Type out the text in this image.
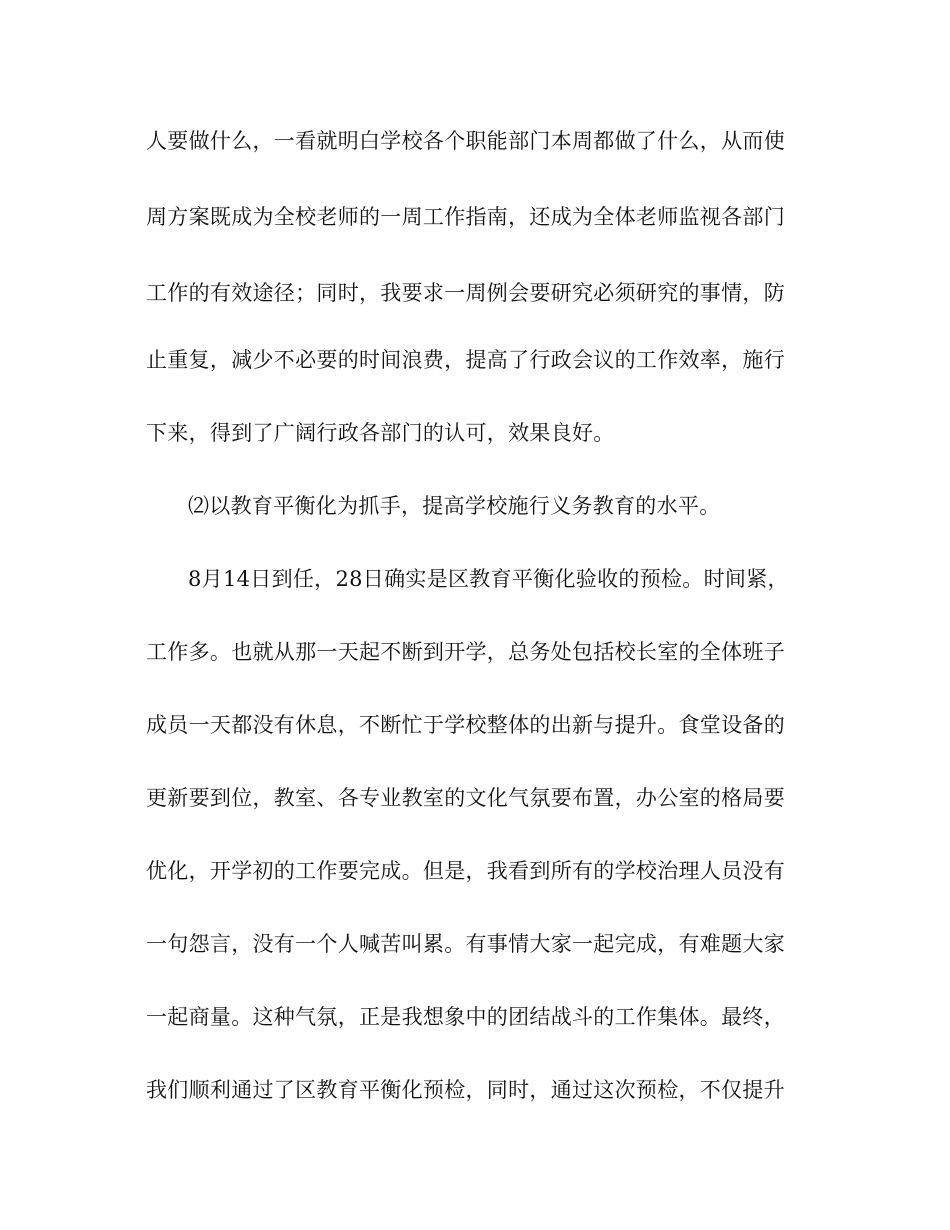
人要做什么，一看就明白学校各个职能部门本周都做了什么，从而使
周方案既成为全校老师的一周工作指南，还成为全体老师监视各部门
工作的有效途径；同时，我要求一周例会要研究必须研究的事情，防
止重复，减少不必要的时间浪费，提高了行政会议的工作效率，施行
下来，得到了广阔行政各部门的认可，效果良好。
⑵以教育平衡化为抓手，提高学校施行义务教育的水平。
8月14日到任，28日确实是区教育平衡化验收的预检。时间紧，
工作多。也就从那一天起不断到开学，总务处包括校长室的全体班子
成员一天都没有休息，不断忙于学校整体的出新与提升。食堂设备的
更新要到位，教室、各专业教室的文化气氛要布置，办公室的格局要
优化，开学初的工作要完成。但是，我看到所有的学校治理人员没有
一句怨言，没有一个人喊苦叫累。有事情大家一起完成，有难题大家
一起商量。这种气氛，正是我想象中的团结战斗的工作集体。最终，
我们顺利通过了区教育平衡化预检，同时，通过这次预检，不仅提升
